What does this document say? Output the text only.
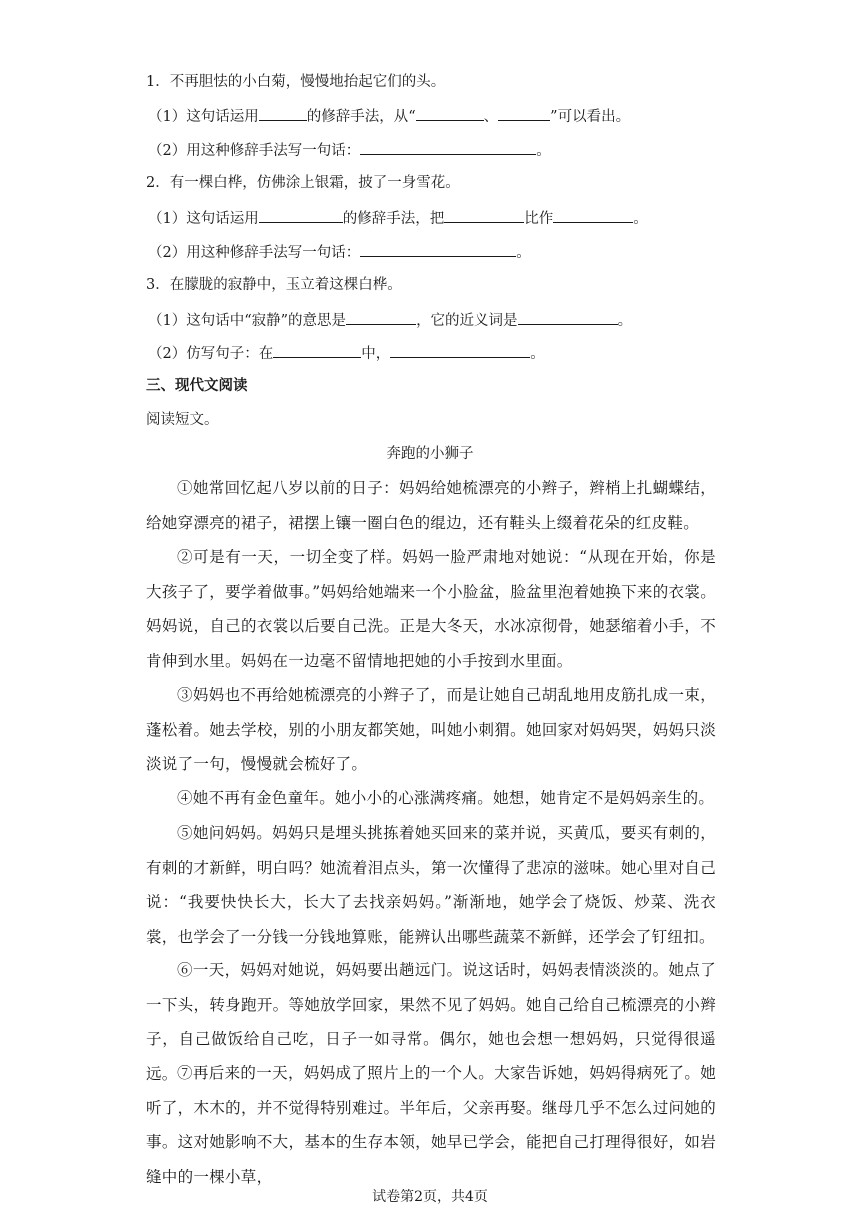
1．不再胆怯的小白菊，慢慢地抬起它们的头。
（1）这句话运用	的修辞手法，从“	、	”可以看出。
（2）用这种修辞手法写一句话：	。
2．有一棵白桦，仿佛涂上银霜，披了一身雪花。
（1）这句话运用	的修辞手法，把	比作	。
（2）用这种修辞手法写一句话：	。
3．在朦胧的寂静中，玉立着这棵白桦。
（1）这句话中“寂静”的意思是	，它的近义词是	。
（2）仿写句子：在	中，	。
三、现代文阅读
阅读短文。
奔跑的小狮子
①她常回忆起八岁以前的日子：妈妈给她梳漂亮的小辫子，辫梢上扎蝴蝶结，给她穿漂亮的裙子，裙摆上镶一圈白色的绲边，还有鞋头上缀着花朵的红皮鞋。
②可是有一天，一切全变了样。妈妈一脸严肃地对她说：“从现在开始，你是大孩子了，要学着做事。”妈妈给她端来一个小脸盆，脸盆里泡着她换下来的衣裳。妈妈说，自己的衣裳以后要自己洗。正是大冬天，水冰凉彻骨，她瑟缩着小手，不肯伸到水里。妈妈在一边毫不留情地把她的小手按到水里面。
③妈妈也不再给她梳漂亮的小辫子了，而是让她自己胡乱地用皮筋扎成一束，蓬松着。她去学校，别的小朋友都笑她，叫她小刺猬。她回家对妈妈哭，妈妈只淡淡说了一句，慢慢就会梳好了。
④她不再有金色童年。她小小的心涨满疼痛。她想，她肯定不是妈妈亲生的。
⑤她问妈妈。妈妈只是埋头挑拣着她买回来的菜并说，买黄瓜，要买有刺的，有刺的才新鲜，明白吗？她流着泪点头，第一次懂得了悲凉的滋味。她心里对自己说：“我要快快长大，长大了去找亲妈妈。”渐渐地，她学会了烧饭、炒菜、洗衣裳，也学会了一分钱一分钱地算账，能辨认出哪些蔬菜不新鲜，还学会了钉纽扣。
⑥一天，妈妈对她说，妈妈要出趟远门。说这话时，妈妈表情淡淡的。她点了一下头，转身跑开。等她放学回家，果然不见了妈妈。她自己给自己梳漂亮的小辫子，自己做饭给自己吃，日子一如寻常。偶尔，她也会想一想妈妈，只觉得很遥远。 ⑦再后来的一天，妈妈成了照片上的一个人。大家告诉她，妈妈得病死了。她听了，木木的，并不觉得特别难过。半年后，父亲再娶。继母几乎不怎么过问她的事。这对她影响不大，基本的生存本领，她早已学会，能把自己打理得很好，如岩缝中的一棵小草，
试卷第2页，共4页
